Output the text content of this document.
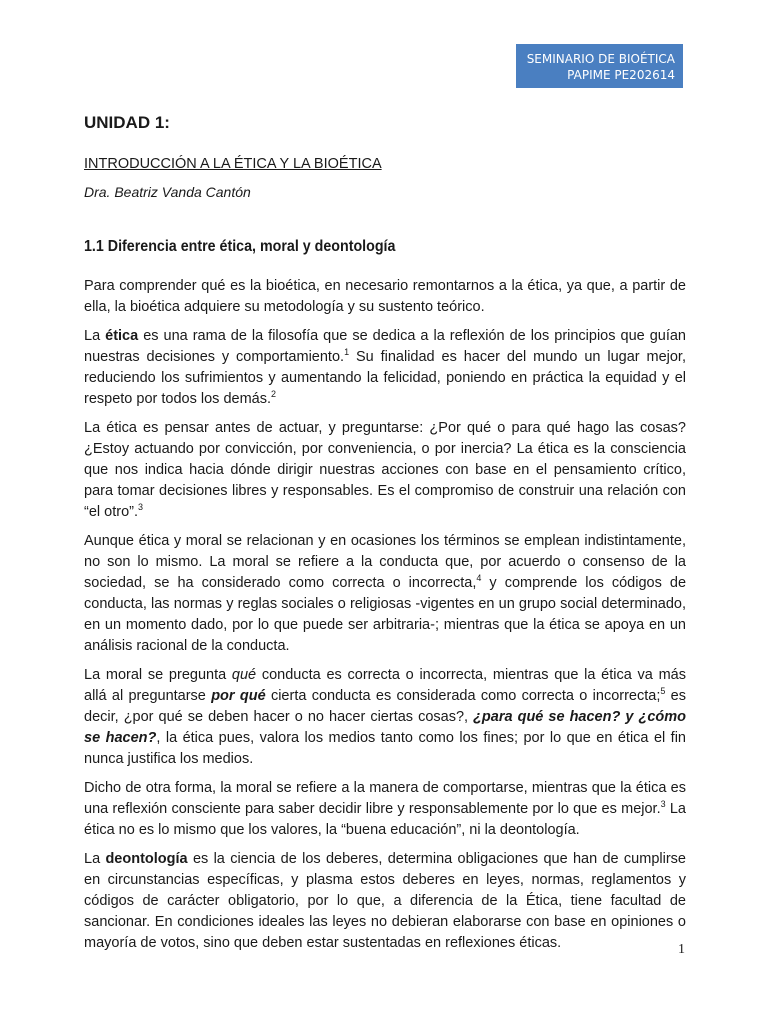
SEMINARIO DE BIOÉTICA
PAPIME PE202614
UNIDAD 1:
INTRODUCCIÓN A LA ÉTICA Y LA BIOÉTICA
Dra. Beatriz Vanda Cantón
1.1 Diferencia entre ética, moral y deontología

Para comprender qué es la bioética, en necesario remontarnos a la ética, ya que, a partir de ella, la bioética adquiere su metodología y su sustento teórico.

La ética es una rama de la filosofía que se dedica a la reflexión de los principios que guían nuestras decisiones y comportamiento.$^1$ Su finalidad es hacer del mundo un lugar mejor, reduciendo los sufrimientos y aumentando la felicidad, poniendo en práctica la equidad y el respeto por todos los demás.$^2$

La ética es pensar antes de actuar, y preguntarse: ¿Por qué o para qué hago las cosas? ¿Estoy actuando por convicción, por conveniencia, o por inercia? La ética es la consciencia que nos indica hacia dónde dirigir nuestras acciones con base en el pensamiento crítico, para tomar decisiones libres y responsables. Es el compromiso de construir una relación con “el otro”.$^3$

Aunque ética y moral se relacionan y en ocasiones los términos se emplean indistintamente, no son lo mismo. La moral se refiere a la conducta que, por acuerdo o consenso de la sociedad, se ha considerado como correcta o incorrecta,$^4$ y comprende los códigos de conducta, las normas y reglas sociales o religiosas -vigentes en un grupo social determinado, en un momento dado, por lo que puede ser arbitraria-; mientras que la ética se apoya en un análisis racional de la conducta.

La moral se pregunta qué conducta es correcta o incorrecta, mientras que la ética va más allá al preguntarse por qué cierta conducta es considerada como correcta o incorrecta;$^5$ es decir, ¿por qué se deben hacer o no hacer ciertas cosas?, ¿para qué se hacen? y ¿cómo se hacen?, la ética pues, valora los medios tanto como los fines; por lo que en ética el fin nunca justifica los medios.

Dicho de otra forma, la moral se refiere a la manera de comportarse, mientras que la ética es una reflexión consciente para saber decidir libre y responsablemente por lo que es mejor.$^3$ La ética no es lo mismo que los valores, la “buena educación”, ni la deontología.

La deontología es la ciencia de los deberes, determina obligaciones que han de cumplirse en circunstancias específicas, y plasma estos deberes en leyes, normas, reglamentos y códigos de carácter obligatorio, por lo que, a diferencia de la Ética, tiene facultad de sancionar. En condiciones ideales las leyes no debieran elaborarse con base en opiniones o mayoría de votos, sino que deben estar sustentadas en reflexiones éticas.	1
